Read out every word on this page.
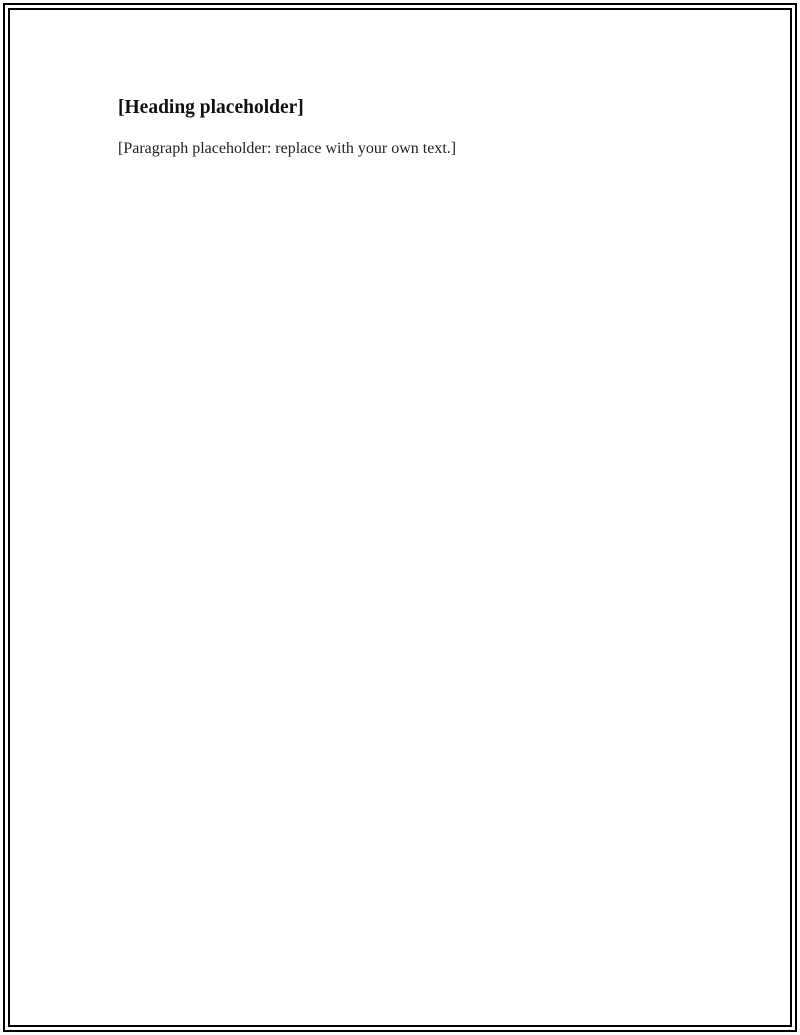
[Heading placeholder]

[Paragraph placeholder: replace with your own text.]
